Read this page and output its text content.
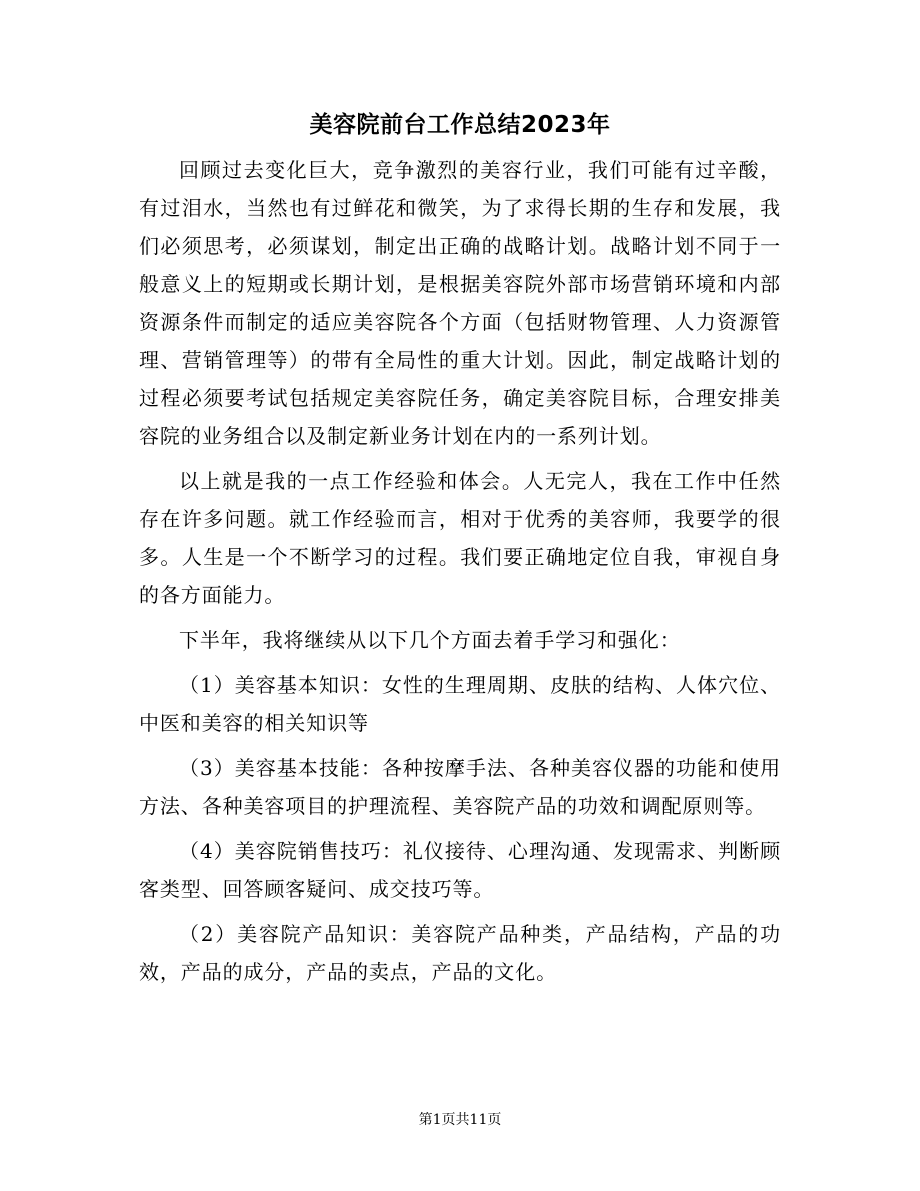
美容院前台工作总结2023年

回顾过去变化巨大，竞争激烈的美容行业，我们可能有过辛酸，有过泪水，当然也有过鲜花和微笑，为了求得长期的生存和发展，我们必须思考，必须谋划，制定出正确的战略计划。战略计划不同于一般意义上的短期或长期计划，是根据美容院外部市场营销环境和内部资源条件而制定的适应美容院各个方面（包括财物管理、人力资源管理、营销管理等）的带有全局性的重大计划。因此，制定战略计划的过程必须要考试包括规定美容院任务，确定美容院目标，合理安排美容院的业务组合以及制定新业务计划在内的一系列计划。

以上就是我的一点工作经验和体会。人无完人，我在工作中任然存在许多问题。就工作经验而言，相对于优秀的美容师，我要学的很多。人生是一个不断学习的过程。我们要正确地定位自我，审视自身的各方面能力。

下半年，我将继续从以下几个方面去着手学习和强化：

（1）美容基本知识：女性的生理周期、皮肤的结构、人体穴位、中医和美容的相关知识等

（3）美容基本技能：各种按摩手法、各种美容仪器的功能和使用方法、各种美容项目的护理流程、美容院产品的功效和调配原则等。

（4）美容院销售技巧：礼仪接待、心理沟通、发现需求、判断顾客类型、回答顾客疑问、成交技巧等。

（2）美容院产品知识：美容院产品种类，产品结构，产品的功效，产品的成分，产品的卖点，产品的文化。

第1页共11页
